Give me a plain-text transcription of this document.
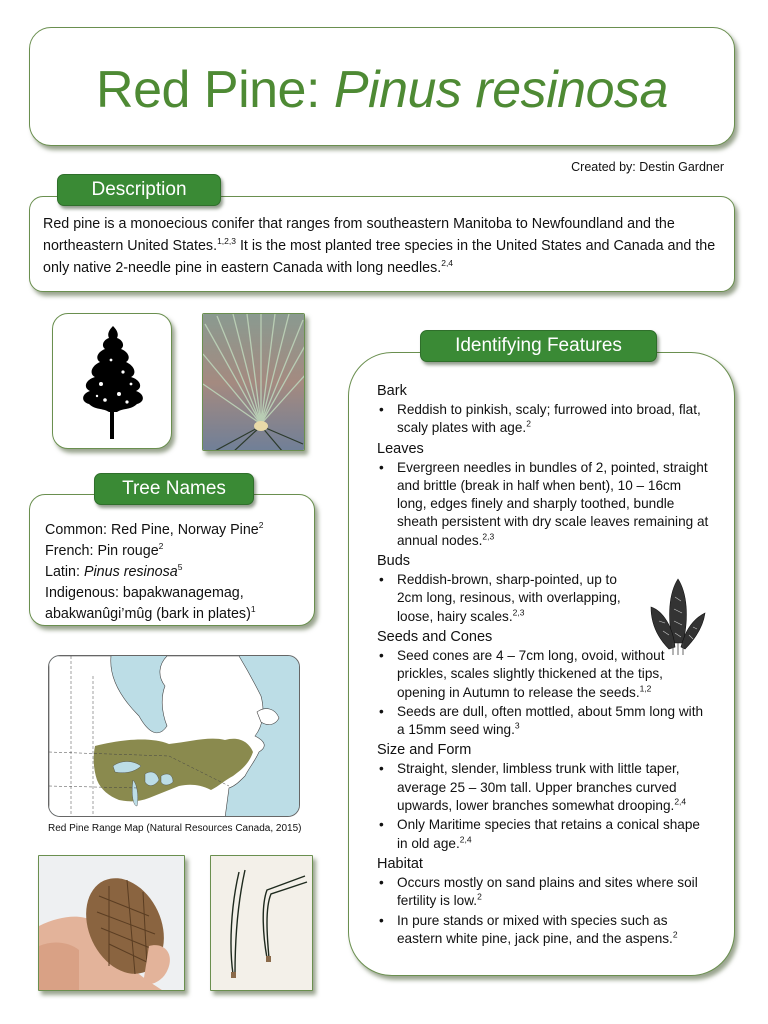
Red Pine: Pinus resinosa
Created by: Destin Gardner
Description
Red pine is a monoecious conifer that ranges from southeastern Manitoba to Newfoundland and the northeastern United States.$^{1,2,3}$ It is the most planted tree species in the United States and Canada and the only native 2-needle pine in eastern Canada with long needles.$^{2,4}$
Tree Names
Common: Red Pine, Norway Pine$^2$
French: Pin rouge$^2$
Latin: Pinus resinosa$^5$
Indigenous: bapakwanagemag, abakwanûgi’mûg (bark in plates)$^1$
Red Pine Range Map (Natural Resources Canada, 2015)
Identifying Features
Bark
• Reddish to pinkish, scaly; furrowed into broad, flat, scaly plates with age.$^2$
Leaves
• Evergreen needles in bundles of 2, pointed, straight and brittle (break in half when bent), 10 – 16cm long, edges finely and sharply toothed, bundle sheath persistent with dry scale leaves remaining at annual nodes.$^{2,3}$
Buds
• Reddish-brown, sharp-pointed, up to 2cm long, resinous, with overlapping, loose, hairy scales.$^{2,3}$
Seeds and Cones
• Seed cones are 4 – 7cm long, ovoid, without prickles, scales slightly thickened at the tips, opening in Autumn to release the seeds.$^{1,2}$
• Seeds are dull, often mottled, about 5mm long with a 15mm seed wing.$^3$
Size and Form
• Straight, slender, limbless trunk with little taper, average 25 – 30m tall. Upper branches curved upwards, lower branches somewhat drooping.$^{2,4}$
• Only Maritime species that retains a conical shape in old age.$^{2,4}$
Habitat
• Occurs mostly on sand plains and sites where soil fertility is low.$^2$
• In pure stands or mixed with species such as eastern white pine, jack pine, and the aspens.$^2$
